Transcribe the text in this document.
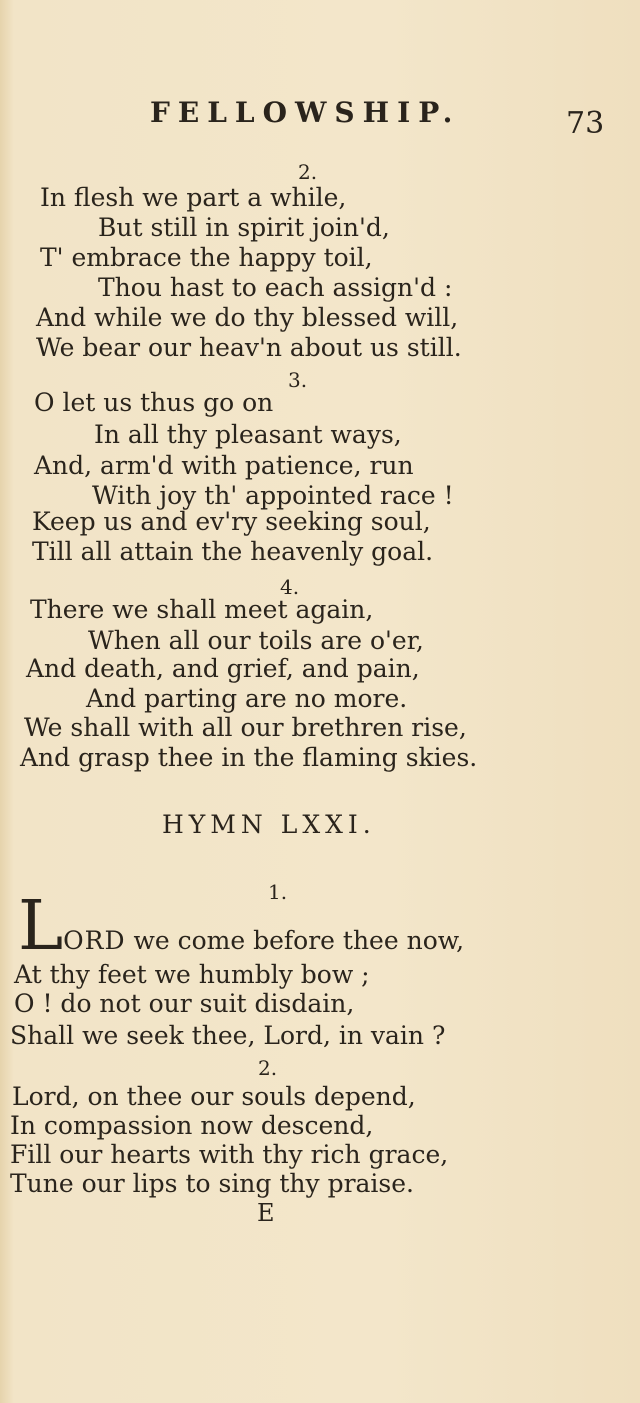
FELLOWSHIP.	73
2.
In flesh we part a while,
But still in spirit join'd,
T' embrace the happy toil,
Thou hast to each assign'd :
And while we do thy blessed will,
We bear our heav'n about us still.
3.
O let us thus go on
In all thy pleasant ways,
And, arm'd with patience, run
With joy th' appointed race !
Keep us and ev'ry seeking soul,
Till all attain the heavenly goal.
4.
There we shall meet again,
When all our toils are o'er,
And death, and grief, and pain,
And parting are no more.
We shall with all our brethren rise,
And grasp thee in the flaming skies.
HYMN LXXI.
1.
LORD we come before thee now,
At thy feet we humbly bow ;
O ! do not our suit disdain,
Shall we seek thee, Lord, in vain ?
2.
Lord, on thee our souls depend,
In compassion now descend,
Fill our hearts with thy rich grace,
Tune our lips to sing thy praise.
E
